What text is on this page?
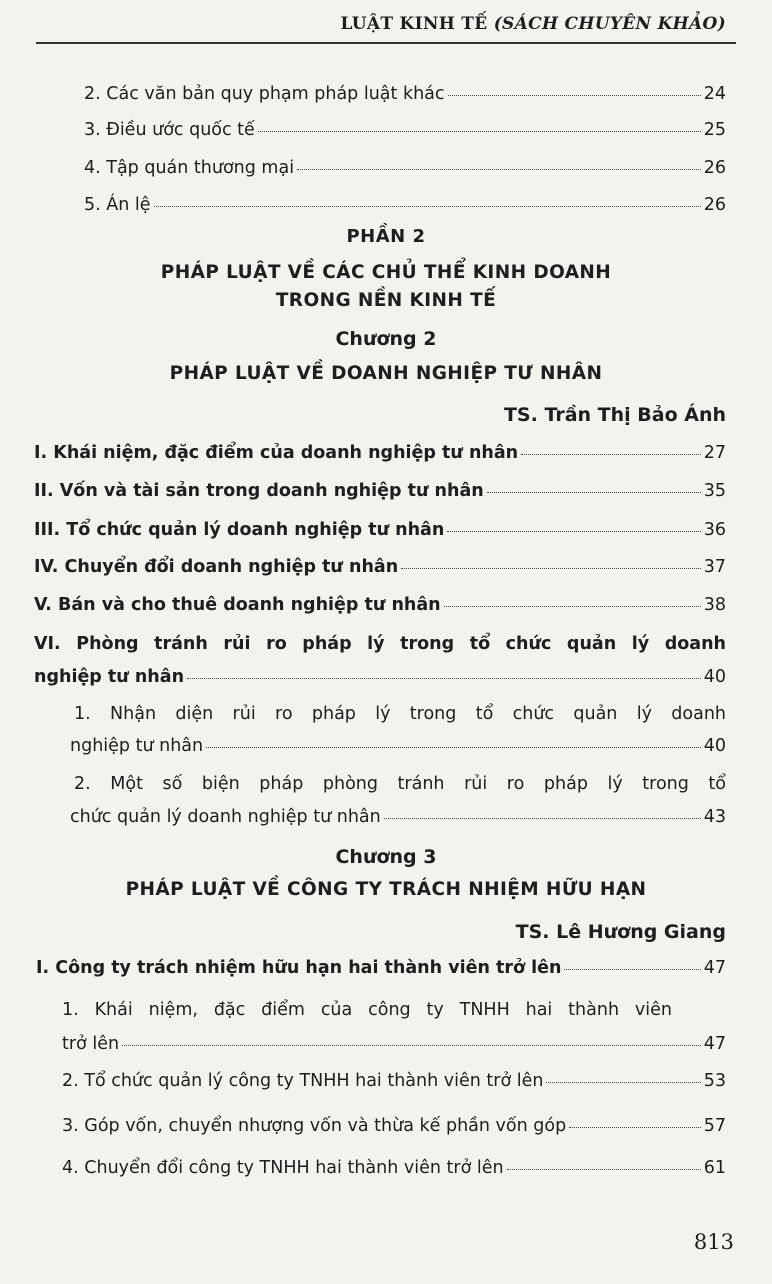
LUẬT KINH TẾ (SÁCH CHUYÊN KHẢO)
2. Các văn bản quy phạm pháp luật khác	24
3. Điều ước quốc tế	25
4. Tập quán thương mại	26
5. Án lệ	26
PHẦN 2
PHÁP LUẬT VỀ CÁC CHỦ THỂ KINH DOANH
TRONG NỀN KINH TẾ
Chương 2
PHÁP LUẬT VỀ DOANH NGHIỆP TƯ NHÂN
TS. Trần Thị Bảo Ánh
I. Khái niệm, đặc điểm của doanh nghiệp tư nhân	27
II. Vốn và tài sản trong doanh nghiệp tư nhân	35
III. Tổ chức quản lý doanh nghiệp tư nhân	36
IV. Chuyển đổi doanh nghiệp tư nhân	37
V. Bán và cho thuê doanh nghiệp tư nhân	38
VI. Phòng tránh rủi ro pháp lý trong tổ chức quản lý doanh
nghiệp tư nhân	40
1. Nhận diện rủi ro pháp lý trong tổ chức quản lý doanh
nghiệp tư nhân	40
2. Một số biện pháp phòng tránh rủi ro pháp lý trong tổ
chức quản lý doanh nghiệp tư nhân	43
Chương 3
PHÁP LUẬT VỀ CÔNG TY TRÁCH NHIỆM HỮU HẠN
TS. Lê Hương Giang
I. Công ty trách nhiệm hữu hạn hai thành viên trở lên	47
1. Khái niệm, đặc điểm của công ty TNHH hai thành viên
trở lên	47
2. Tổ chức quản lý công ty TNHH hai thành viên trở lên	53
3. Góp vốn, chuyển nhượng vốn và thừa kế phần vốn góp	57
4. Chuyển đổi công ty TNHH hai thành viên trở lên	61
813
